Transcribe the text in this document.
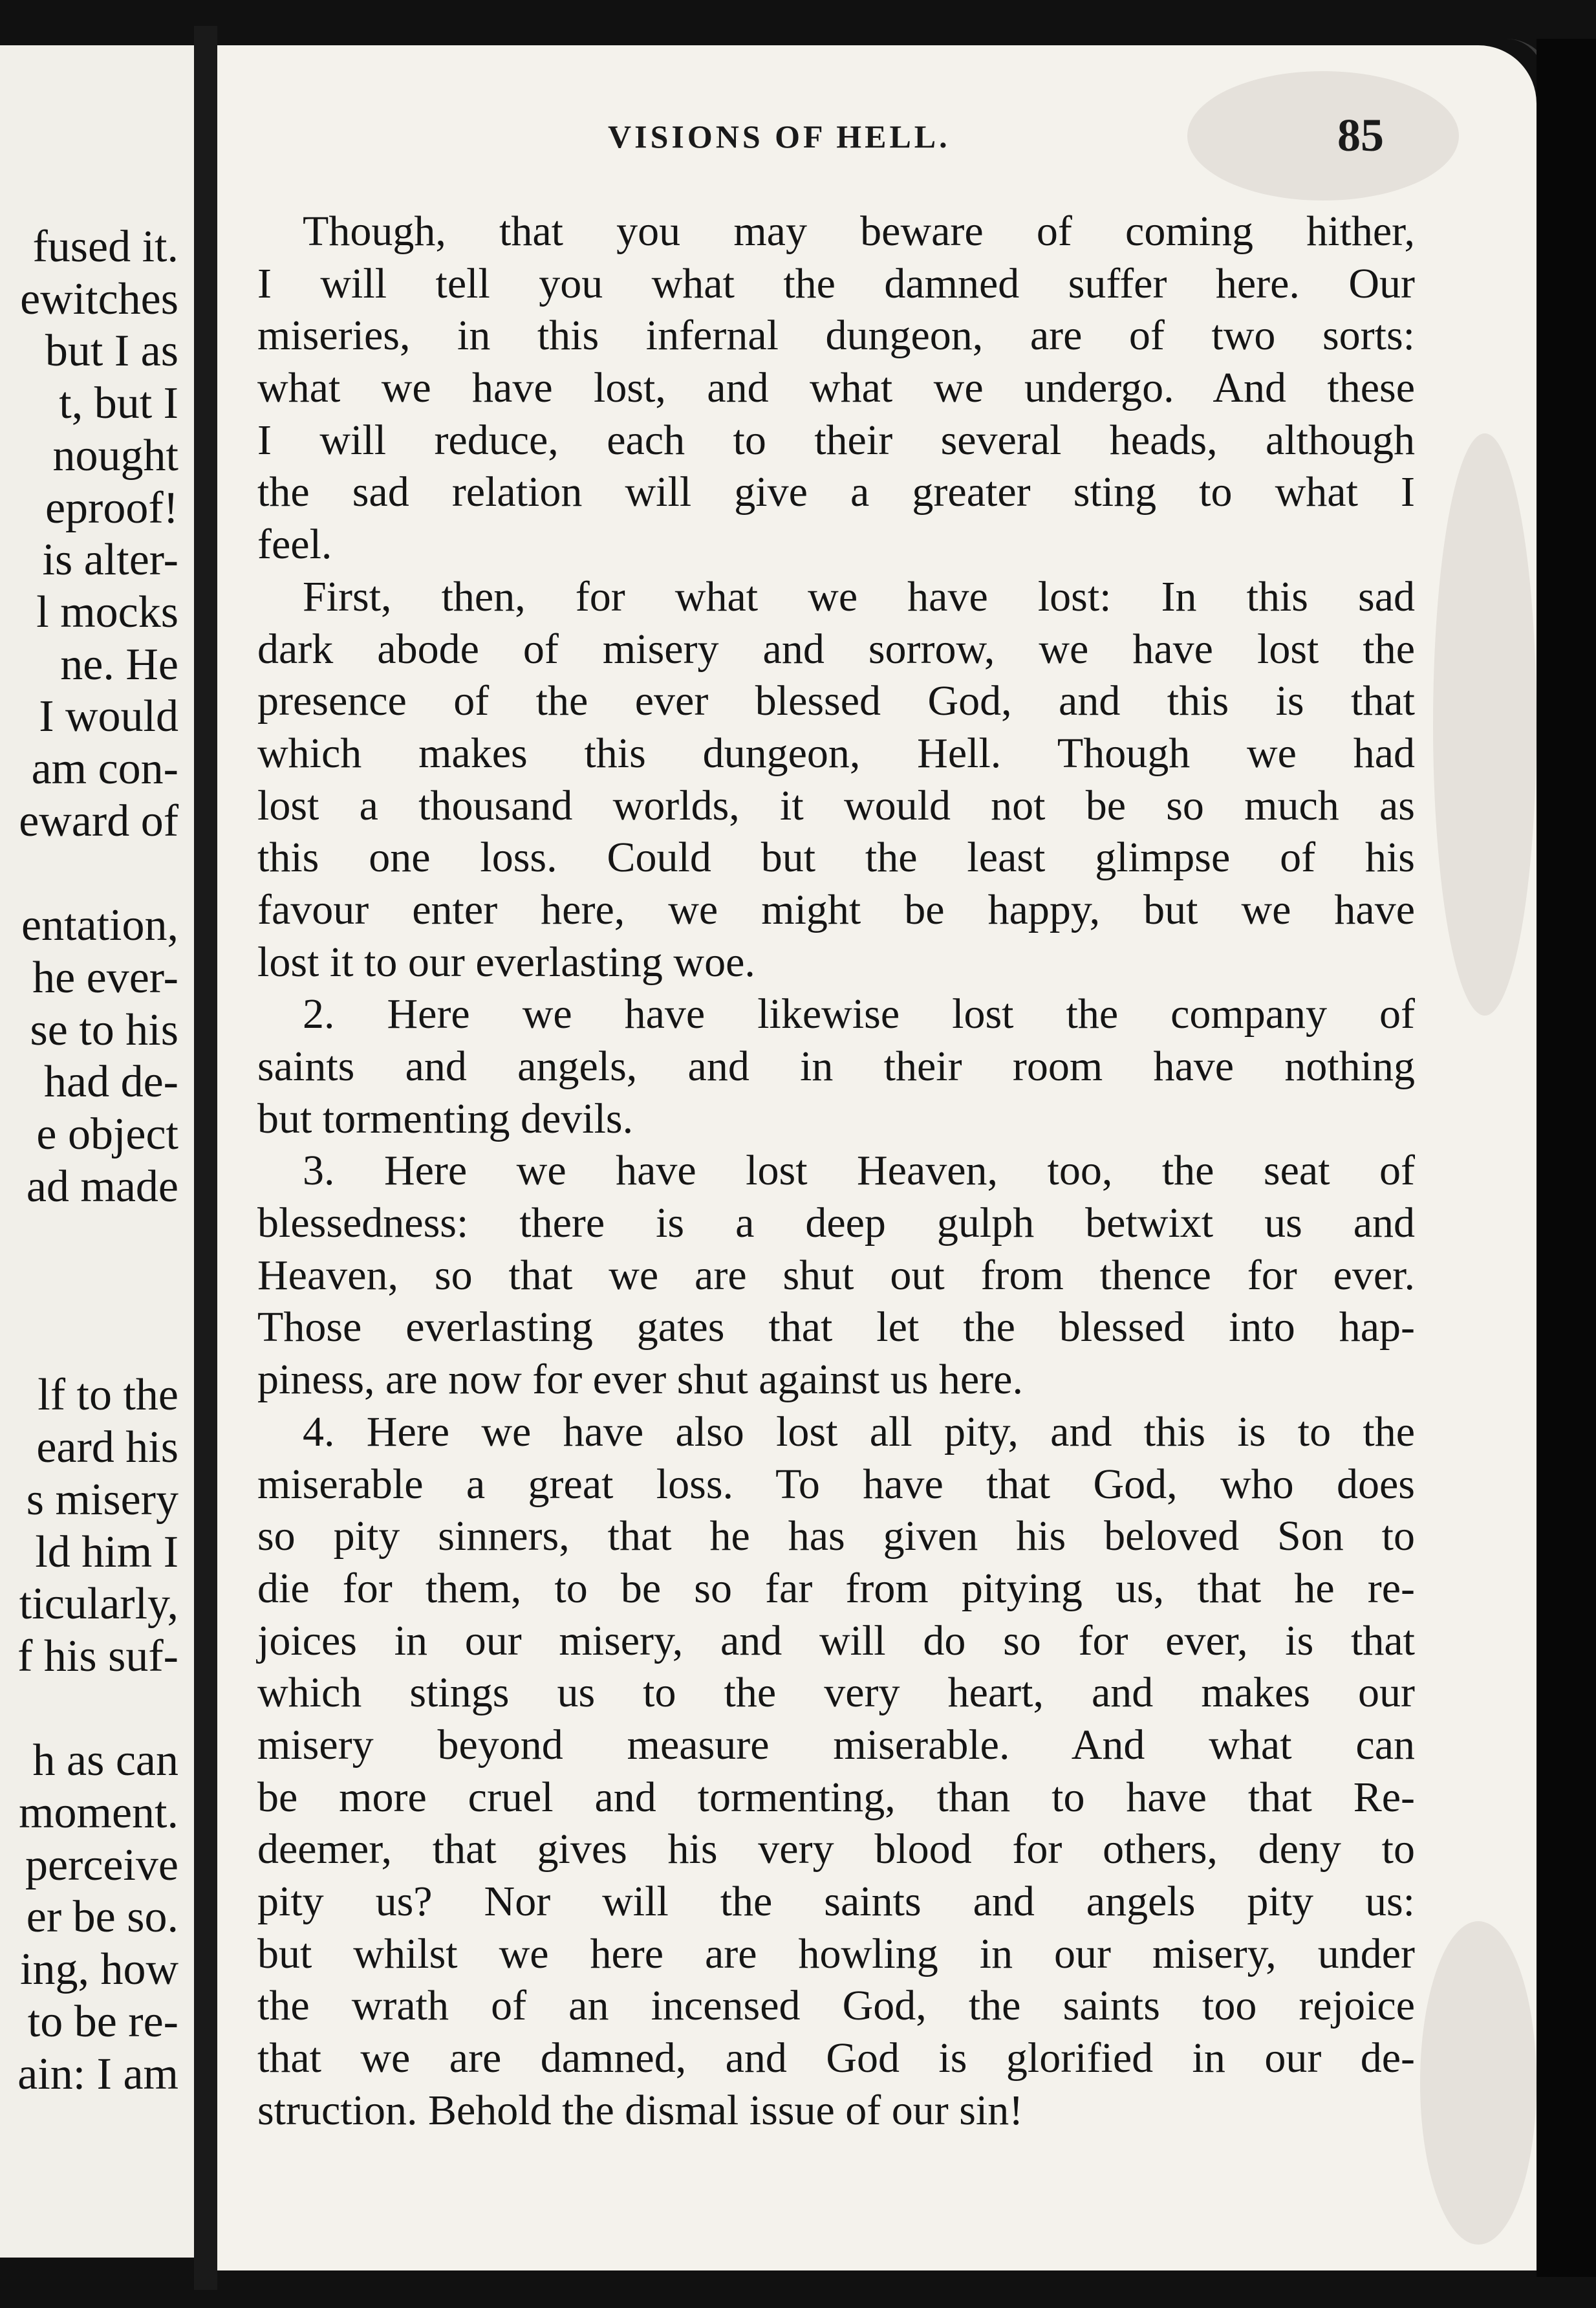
fused it.
ewitches
but I as
t, but I
nought
eproof!
is alter-
l mocks
ne. He
I would
am con-
eward of
entation,
he ever-
se to his
had de-
e object
ad made
lf to the
eard his
s misery
ld him I
ticularly,
f his suf-
h as can
moment.
perceive
er be so.
ing, how
to be re-
ain: I am
VISIONS OF HELL.	85
Though, that you may beware of coming hither,
I will tell you what the damned suffer here. Our
miseries, in this infernal dungeon, are of two sorts:
what we have lost, and what we undergo. And these
I will reduce, each to their several heads, although
the sad relation will give a greater sting to what I
feel.
First, then, for what we have lost: In this sad
dark abode of misery and sorrow, we have lost the
presence of the ever blessed God, and this is that
which makes this dungeon, Hell. Though we had
lost a thousand worlds, it would not be so much as
this one loss. Could but the least glimpse of his
favour enter here, we might be happy, but we have
lost it to our everlasting woe.
2. Here we have likewise lost the company of
saints and angels, and in their room have nothing
but tormenting devils.
3. Here we have lost Heaven, too, the seat of
blessedness: there is a deep gulph betwixt us and
Heaven, so that we are shut out from thence for ever.
Those everlasting gates that let the blessed into hap-
piness, are now for ever shut against us here.
4. Here we have also lost all pity, and this is to the
miserable a great loss. To have that God, who does
so pity sinners, that he has given his beloved Son to
die for them, to be so far from pitying us, that he re-
joices in our misery, and will do so for ever, is that
which stings us to the very heart, and makes our
misery beyond measure miserable. And what can
be more cruel and tormenting, than to have that Re-
deemer, that gives his very blood for others, deny to
pity us? Nor will the saints and angels pity us:
but whilst we here are howling in our misery, under
the wrath of an incensed God, the saints too rejoice
that we are damned, and God is glorified in our de-
struction. Behold the dismal issue of our sin!
